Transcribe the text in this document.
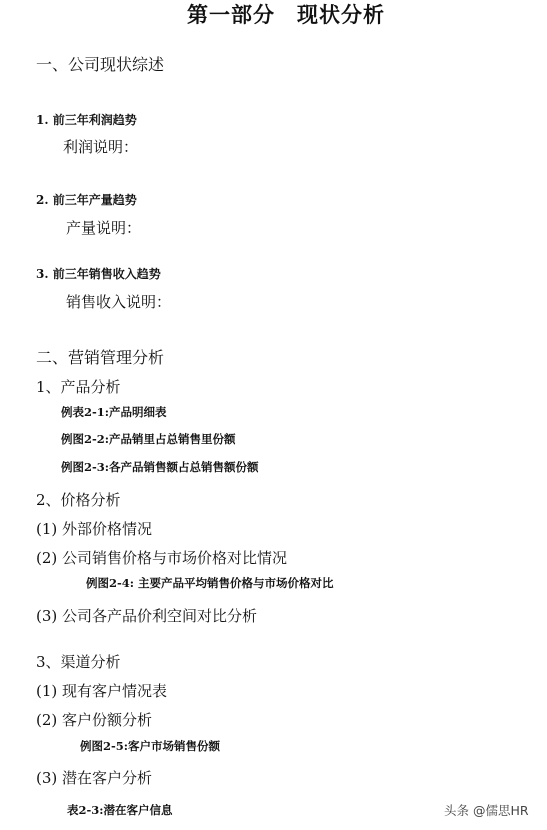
第一部分　现状分析
一、公司现状综述
1. 前三年利润趋势
利润说明：
2. 前三年产量趋势
产量说明：
3. 前三年销售收入趋势
销售收入说明：
二、营销管理分析
1、产品分析
例表2-1:产品明细表
例图2-2:产品销里占总销售里份额
例图2-3:各产品销售额占总销售额份额
2、价格分析
(1) 外部价格情况
(2) 公司销售价格与市场价格对比情况
例图2-4: 主要产品平均销售价格与市场价格对比
(3) 公司各产品价利空间对比分析
3、渠道分析
(1) 现有客户情况表
(2) 客户份额分析
例图2-5:客户市场销售份额
(3) 潜在客户分析
表2-3:潜在客户信息	头条 @儒思HR
